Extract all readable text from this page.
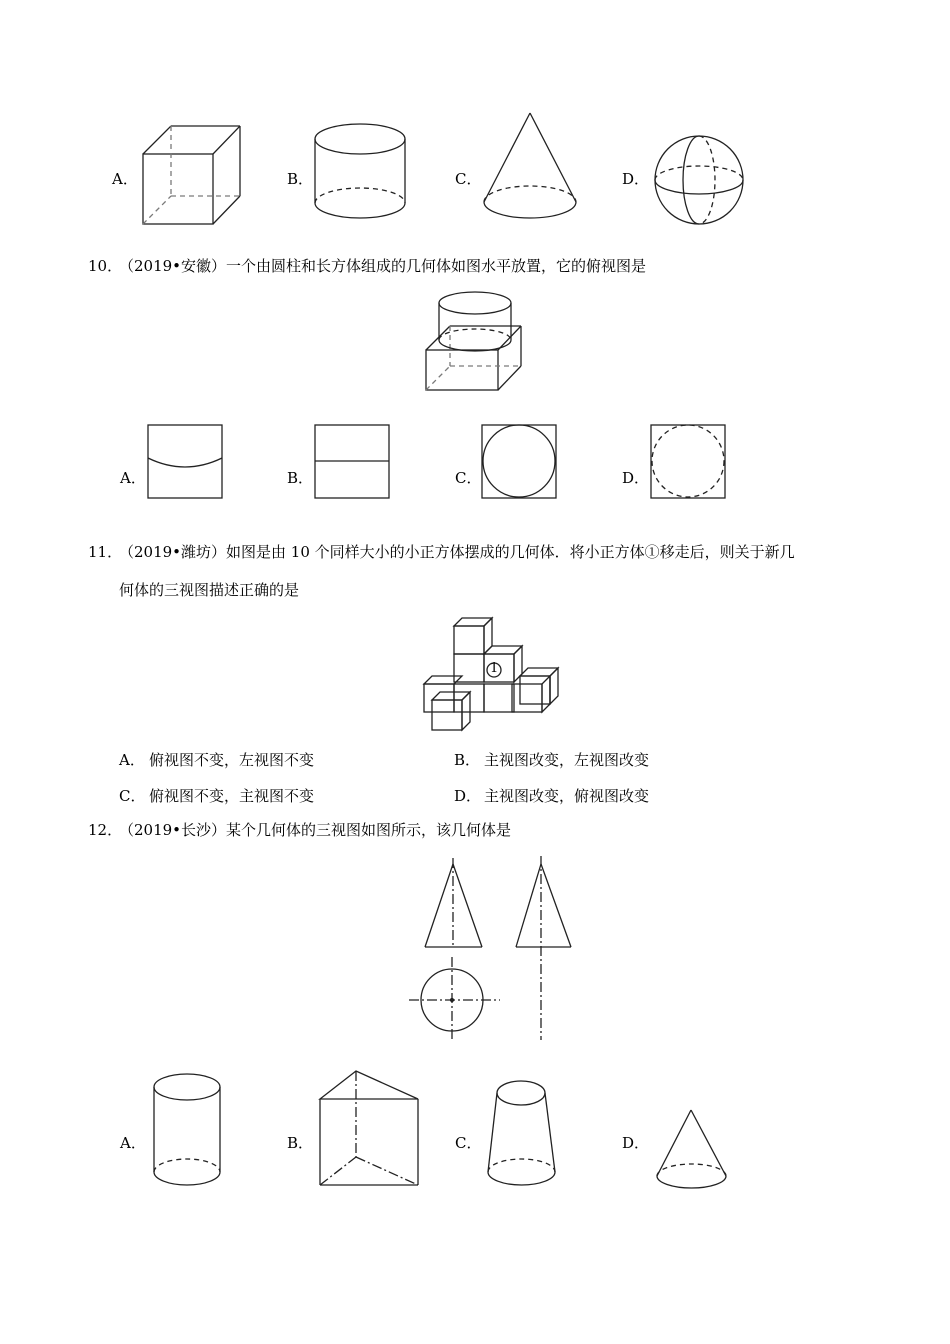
A．	B．	C．	D．
10．
（2019•安徽）一个由圆柱和长方体组成的几何体如图水平放置，它的俯视图是
A．	B．	C．	D．
11．
（2019•潍坊）如图是由 10 个同样大小的小正方体摆成的几何体．将小正方体①移走后，则关于新几
何体的三视图描述正确的是
1
A． 俯视图不变，左视图不变	B． 主视图改变，左视图改变
C． 俯视图不变，主视图不变	D． 主视图改变，俯视图改变
12．
（2019•长沙）某个几何体的三视图如图所示，该几何体是
A．	B．	C．	D．
